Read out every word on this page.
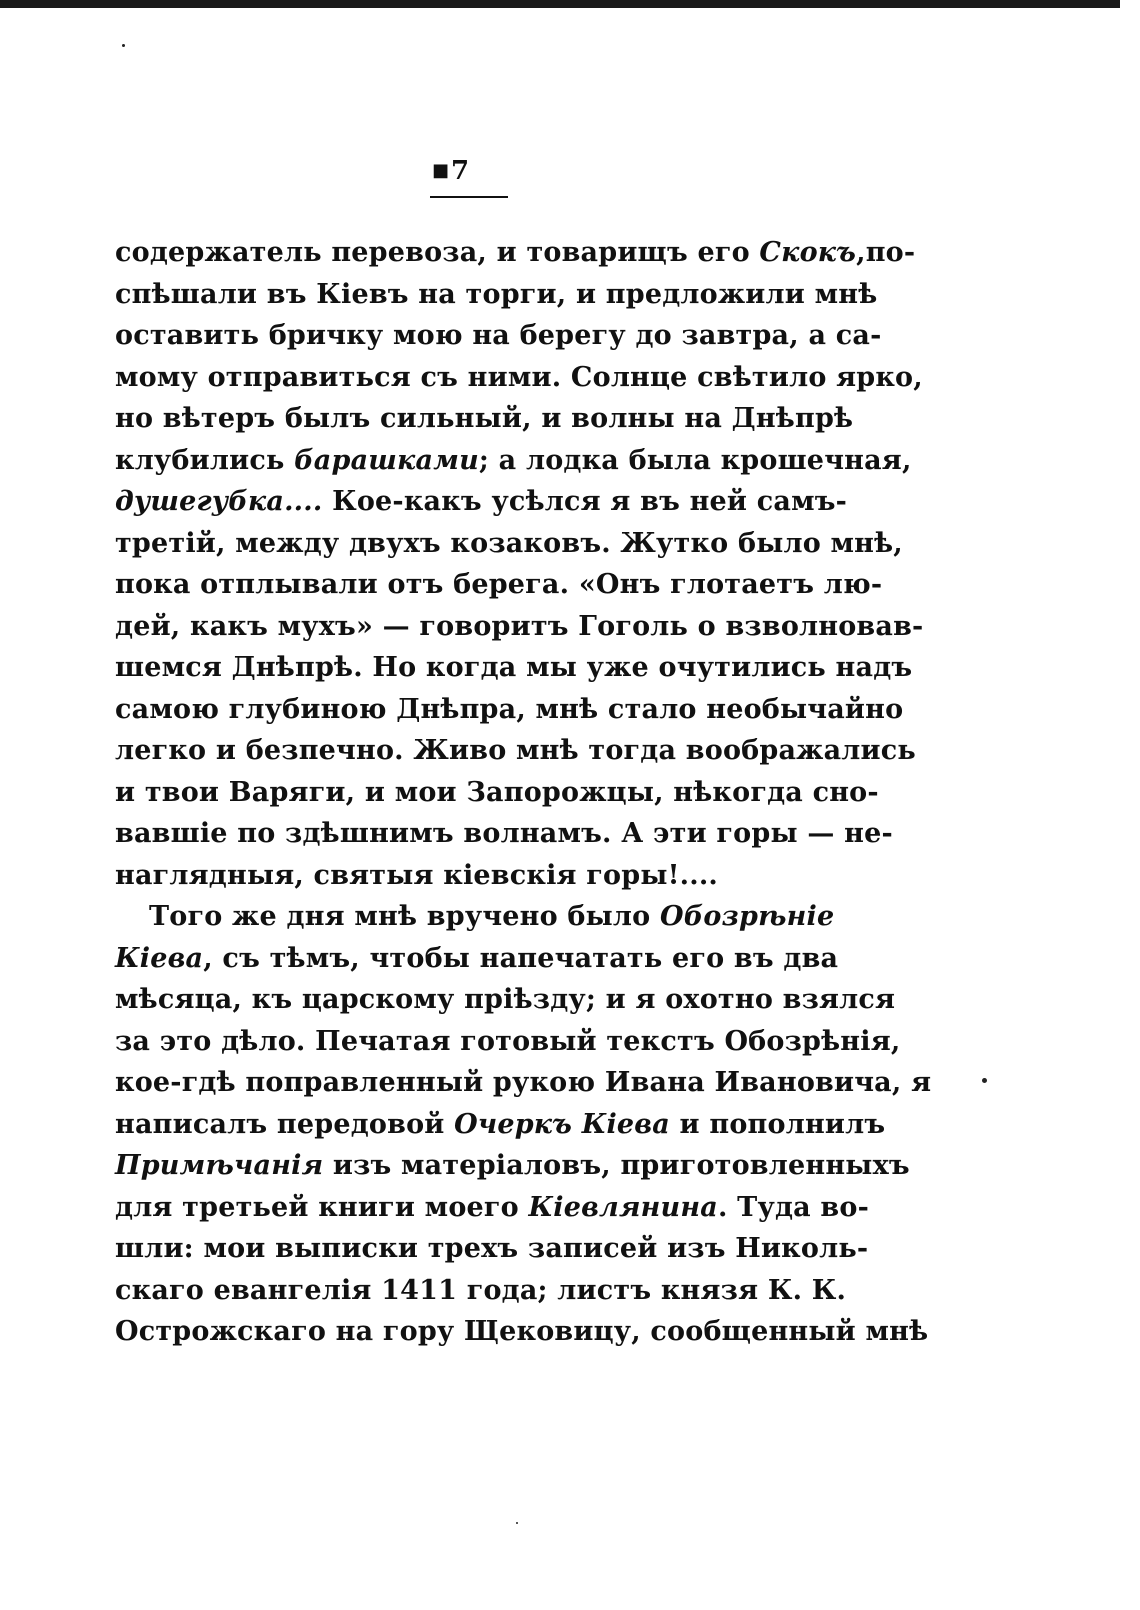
■7
содержатель перевоза, и товарищъ его Скокъ,по-
спѣшали въ Кіевъ на торги, и предложили мнѣ
оставить бричку мою на берегу до завтра, а са-
мому отправиться съ ними. Солнце свѣтило ярко,
но вѣтеръ былъ сильный, и волны на Днѣпрѣ
клубились барашками; а лодка была крошечная,
душегубка.... Кое-какъ усѣлся я въ ней самъ-
третій, между двухъ козаковъ. Жутко было мнѣ,
пока отплывали отъ берега. «Онъ глотаетъ лю-
дей, какъ мухъ» — говоритъ Гоголь о взволновав-
шемся Днѣпрѣ. Но когда мы уже очутились надъ
самою глубиною Днѣпра, мнѣ стало необычайно
легко и безпечно. Живо мнѣ тогда воображались
и твои Варяги, и мои Запорожцы, нѣкогда сно-
вавшіе по здѣшнимъ волнамъ. А эти горы — не-
наглядныя, святыя кіевскія горы!....
Того же дня мнѣ вручено было Обозрѣніе
Кіева, съ тѣмъ, чтобы напечатать его въ два
мѣсяца, къ царскому пріѣзду; и я охотно взялся
за это дѣло. Печатая готовый текстъ Обозрѣнія,
кое-гдѣ поправленный рукою Ивана Ивановича, я
написалъ передовой Очеркъ Кіева и пополнилъ
Примѣчанія изъ матеріаловъ, приготовленныхъ
для третьей книги моего Кіевлянина. Туда во-
шли: мои выписки трехъ записей изъ Николь-
скаго евангелія 1411 года; листъ князя К. К.
Острожскаго на гору Щековицу, сообщенный мнѣ
